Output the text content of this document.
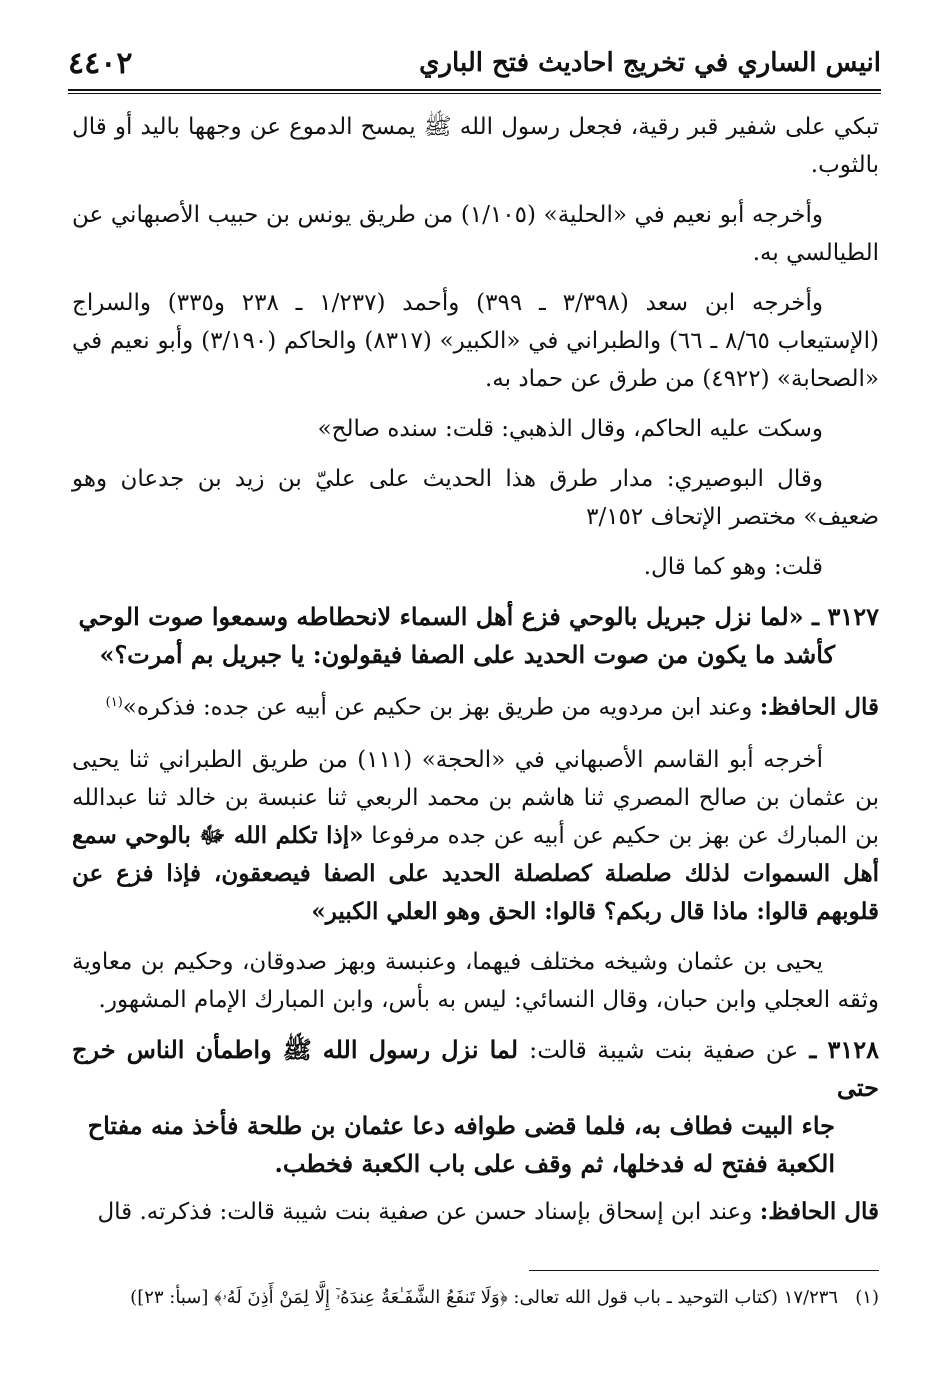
انيس الساري في تخريج احاديث فتح الباري
٤٤٠٢

تبكي على شفير قبر رقية، فجعل رسول الله ﷺ يمسح الدموع عن وجهها باليد أو قال بالثوب.

وأخرجه أبو نعيم في «الحلية» (١/١٠٥) من طريق يونس بن حبيب الأصبهاني عن الطيالسي به.

وأخرجه ابن سعد (٣/٣٩٨ ـ ٣٩٩) وأحمد (١/٢٣٧ ـ ٢٣٨ و٣٣٥) والسراج (الإستيعاب ٨/٦٥ ـ ٦٦) والطبراني في «الكبير» (٨٣١٧) والحاكم (٣/١٩٠) وأبو نعيم في «الصحابة» (٤٩٢٢) من طرق عن حماد به.

وسكت عليه الحاكم، وقال الذهبي: قلت: سنده صالح»

وقال البوصيري: مدار طرق هذا الحديث على عليّ بن زيد بن جدعان وهو ضعيف» مختصر الإتحاف ٣/١٥٢

قلت: وهو كما قال.

٣١٢٧ ـ «لما نزل جبريل بالوحي فزع أهل السماء لانحطاطه وسمعوا صوت الوحي
كأشد ما يكون من صوت الحديد على الصفا فيقولون: يا جبريل بم أمرت؟»

قال الحافظ: وعند ابن مردويه من طريق بهز بن حكيم عن أبيه عن جده: فذكره»$^{(١)}$

أخرجه أبو القاسم الأصبهاني في «الحجة» (١١١) من طريق الطبراني ثنا يحيى بن عثمان بن صالح المصري ثنا هاشم بن محمد الربعي ثنا عنبسة بن خالد ثنا عبدالله بن المبارك عن بهز بن حكيم عن أبيه عن جده مرفوعا «إذا تكلم الله ﷻ بالوحي سمع أهل السموات لذلك صلصلة كصلصلة الحديد على الصفا فيصعقون، فإذا فزع عن قلوبهم قالوا: ماذا قال ربكم؟ قالوا: الحق وهو العلي الكبير»

يحيى بن عثمان وشيخه مختلف فيهما، وعنبسة وبهز صدوقان، وحكيم بن معاوية وثقه العجلي وابن حبان، وقال النسائي: ليس به بأس، وابن المبارك الإمام المشهور.

٣١٢٨ ـ عن صفية بنت شيبة قالت: لما نزل رسول الله ﷺ واطمأن الناس خرج حتى
جاء البيت فطاف به، فلما قضى طوافه دعا عثمان بن طلحة فأخذ منه مفتاح
الكعبة ففتح له فدخلها، ثم وقف على باب الكعبة فخطب.

قال الحافظ: وعند ابن إسحاق بإسناد حسن عن صفية بنت شيبة قالت: فذكرته. قال

(١)   ١٧/٢٣٦ (كتاب التوحيد ـ باب قول الله تعالى: ﴿وَلَا تَنفَعُ الشَّفَـٰعَةُ عِندَهُۥٓ إِلَّا لِمَنْ أَذِنَ لَهُۥ﴾ [سبأ: ٢٣])
